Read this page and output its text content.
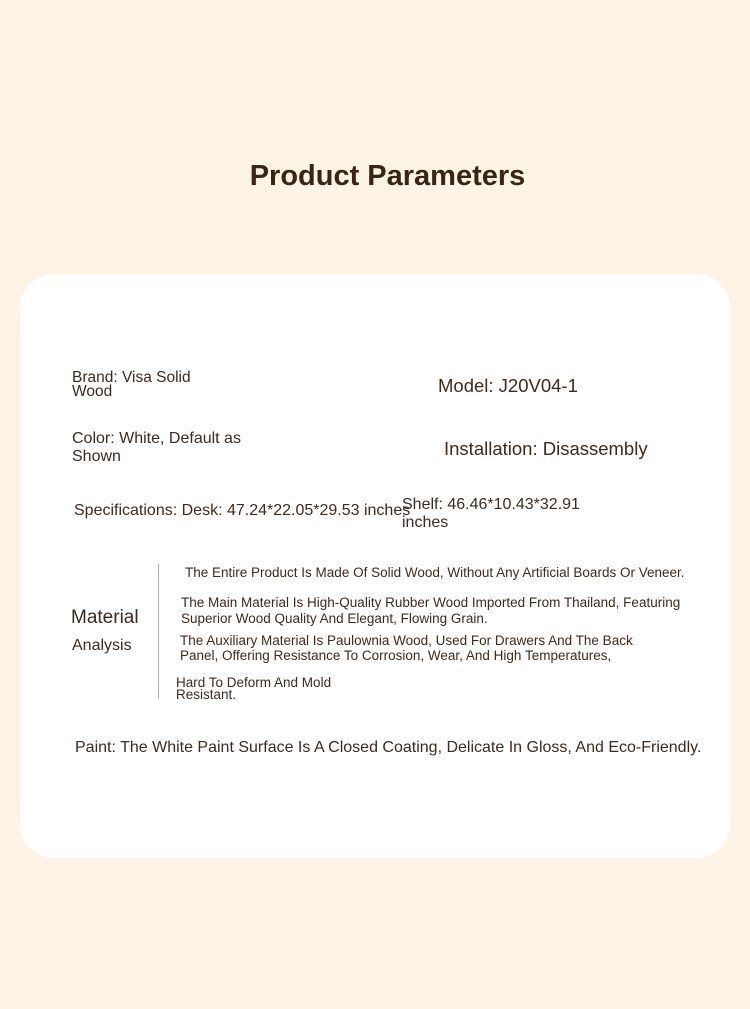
Product Parameters

Brand: Visa Solid Wood	Model: J20V04-1

Color: White, Default as Shown	Installation: Disassembly

Specifications: Desk: 47.24*22.05*29.53 inches

Shelf: 46.46*10.43*32.91 inches

Material

Analysis

The Entire Product Is Made Of Solid Wood, Without Any Artificial Boards Or Veneer.

The Main Material Is High-Quality Rubber Wood Imported From Thailand, Featuring Superior Wood Quality And Elegant, Flowing Grain.

The Auxiliary Material Is Paulownia Wood, Used For Drawers And The Back Panel, Offering Resistance To Corrosion, Wear, And High Temperatures,

Hard To Deform And Mold Resistant.

Paint: The White Paint Surface Is A Closed Coating, Delicate In Gloss, And Eco-Friendly.
